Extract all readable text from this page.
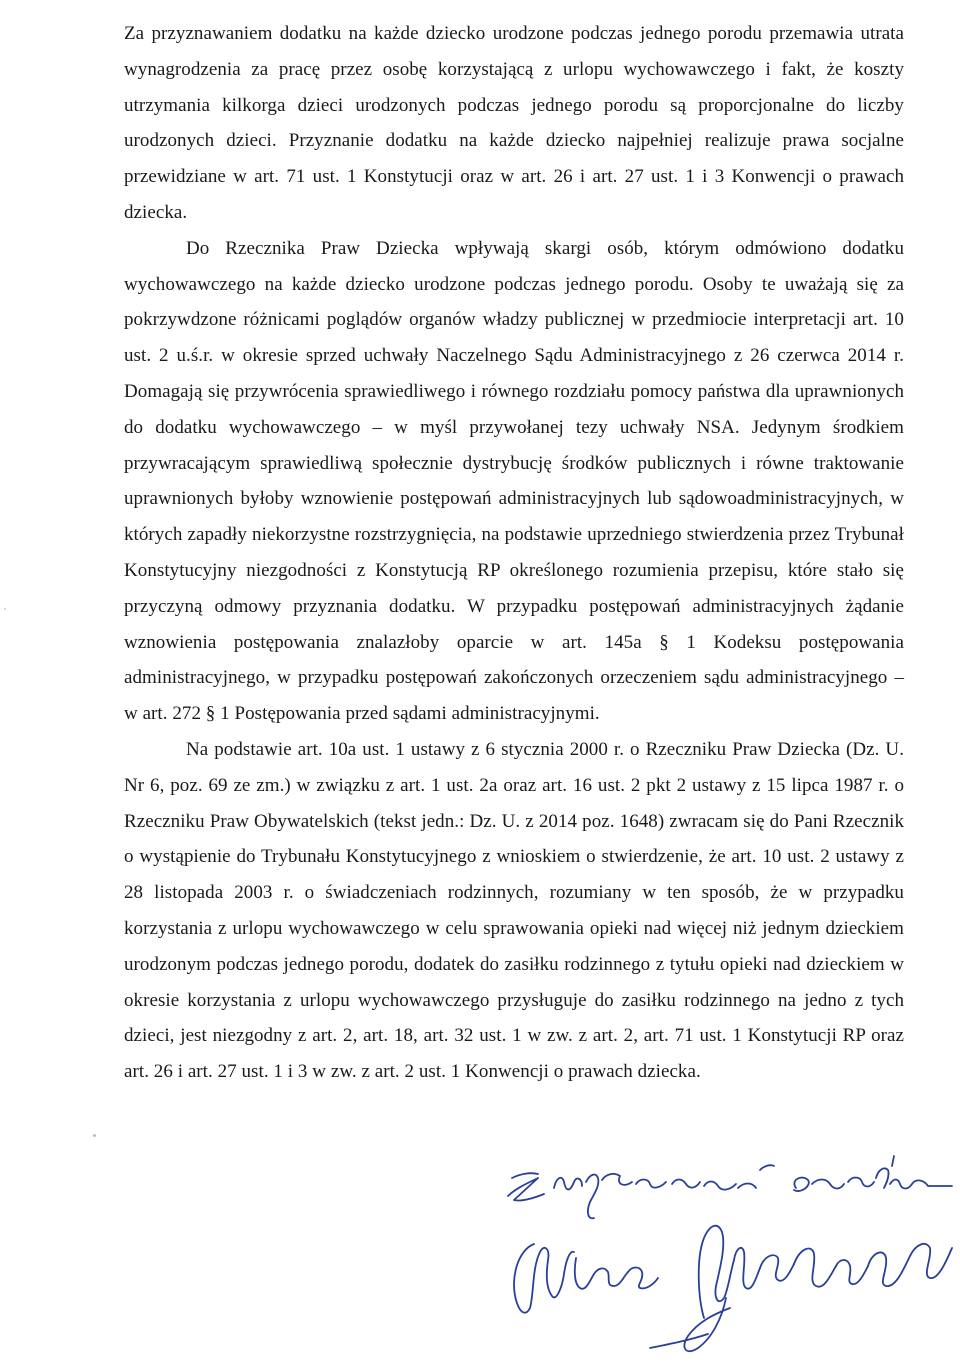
Za przyznawaniem dodatku na każde dziecko urodzone podczas jednego porodu przemawia utrata wynagrodzenia za pracę przez osobę korzystającą z urlopu wychowawczego i fakt, że koszty utrzymania kilkorga dzieci urodzonych podczas jednego porodu są proporcjonalne do liczby urodzonych dzieci. Przyznanie dodatku na każde dziecko najpełniej realizuje prawa socjalne przewidziane w art. 71 ust. 1 Konstytucji oraz w art. 26 i art. 27 ust. 1 i 3 Konwencji o prawach dziecka.

Do Rzecznika Praw Dziecka wpływają skargi osób, którym odmówiono dodatku wychowawczego na każde dziecko urodzone podczas jednego porodu. Osoby te uważają się za pokrzywdzone różnicami poglądów organów władzy publicznej w przedmiocie interpretacji art. 10 ust. 2 u.ś.r. w okresie sprzed uchwały Naczelnego Sądu Administracyjnego z 26 czerwca 2014 r. Domagają się przywrócenia sprawiedliwego i równego rozdziału pomocy państwa dla uprawnionych do dodatku wychowawczego – w myśl przywołanej tezy uchwały NSA. Jedynym środkiem przywracającym sprawiedliwą społecznie dystrybucję środków publicznych i równe traktowanie uprawnionych byłoby wznowienie postępowań administracyjnych lub sądowoadministracyjnych, w których zapadły niekorzystne rozstrzygnięcia, na podstawie uprzedniego stwierdzenia przez Trybunał Konstytucyjny niezgodności z Konstytucją RP określonego rozumienia przepisu, które stało się przyczyną odmowy przyznania dodatku. W przypadku postępowań administracyjnych żądanie wznowienia postępowania znalazłoby oparcie w art. 145a § 1 Kodeksu postępowania administracyjnego, w przypadku postępowań zakończonych orzeczeniem sądu administracyjnego – w art. 272 § 1 Postępowania przed sądami administracyjnymi.

Na podstawie art. 10a ust. 1 ustawy z 6 stycznia 2000 r. o Rzeczniku Praw Dziecka (Dz. U. Nr 6, poz. 69 ze zm.) w związku z art. 1 ust. 2a oraz art. 16 ust. 2 pkt 2 ustawy z 15 lipca 1987 r. o Rzeczniku Praw Obywatelskich (tekst jedn.: Dz. U. z 2014 poz. 1648) zwracam się do Pani Rzecznik o wystąpienie do Trybunału Konstytucyjnego z wnioskiem o stwierdzenie, że art. 10 ust. 2 ustawy z 28 listopada 2003 r. o świadczeniach rodzinnych, rozumiany w ten sposób, że w przypadku korzystania z urlopu wychowawczego w celu sprawowania opieki nad więcej niż jednym dzieckiem urodzonym podczas jednego porodu, dodatek do zasiłku rodzinnego z tytułu opieki nad dzieckiem w okresie korzystania z urlopu wychowawczego przysługuje do zasiłku rodzinnego na jedno z tych dzieci, jest niezgodny z art. 2, art. 18, art. 32 ust. 1 w zw. z art. 2, art. 71 ust. 1 Konstytucji RP oraz art. 26 i art. 27 ust. 1 i 3 w zw. z art. 2 ust. 1 Konwencji o prawach dziecka.
